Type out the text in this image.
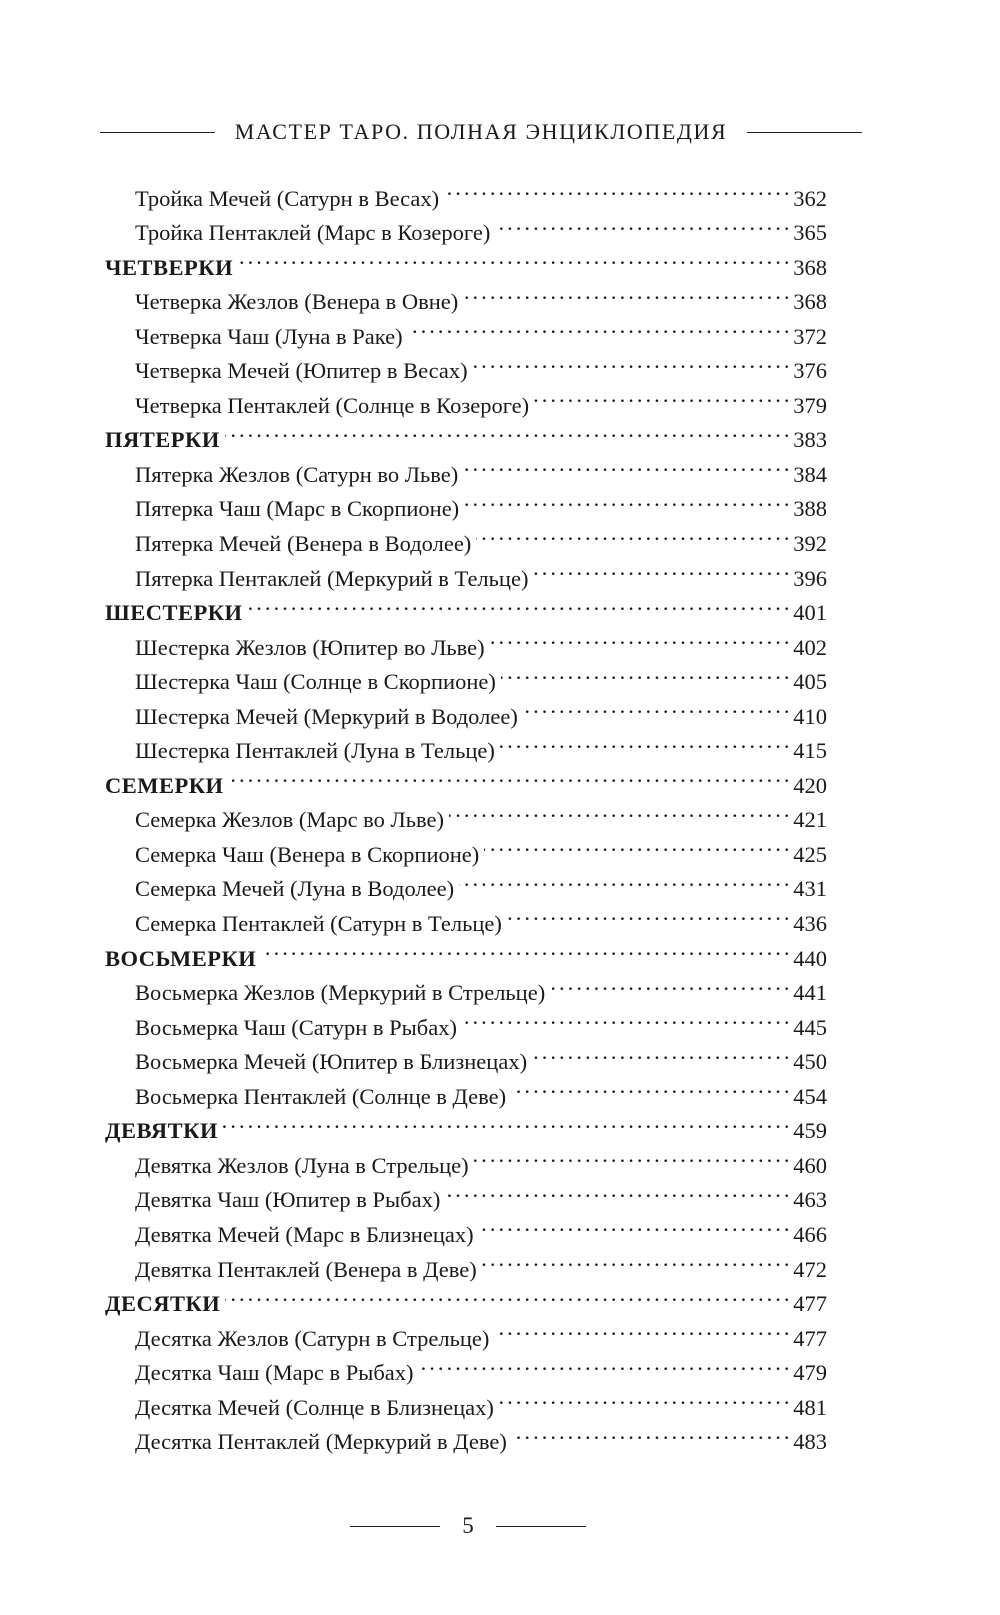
МАСТЕР ТАРО. ПОЛНАЯ ЭНЦИКЛОПЕДИЯ
Тройка Мечей (Сатурн в Весах) . . .	362
Тройка Пентаклей (Марс в Козероге) . . .	365
ЧЕТВЕРКИ . . .	368
Четверка Жезлов (Венера в Овне) . . .	368
Четверка Чаш (Луна в Раке) . . .	372
Четверка Мечей (Юпитер в Весах) . . .	376
Четверка Пентаклей (Солнце в Козероге) . . .	379
ПЯТЕРКИ . . .	383
Пятерка Жезлов (Сатурн во Льве) . . .	384
Пятерка Чаш (Марс в Скорпионе) . . .	388
Пятерка Мечей (Венера в Водолее) . . .	392
Пятерка Пентаклей (Меркурий в Тельце) . . .	396
ШЕСТЕРКИ . . .	401
Шестерка Жезлов (Юпитер во Льве) . . .	402
Шестерка Чаш (Солнце в Скорпионе) . . .	405
Шестерка Мечей (Меркурий в Водолее) . . .	410
Шестерка Пентаклей (Луна в Тельце) . . .	415
СЕМЕРКИ . . .	420
Семерка Жезлов (Марс во Льве) . . .	421
Семерка Чаш (Венера в Скорпионе) . . .	425
Семерка Мечей (Луна в Водолее) . . .	431
Семерка Пентаклей (Сатурн в Тельце) . . .	436
ВОСЬМЕРКИ . . .	440
Восьмерка Жезлов (Меркурий в Стрельце) . . .	441
Восьмерка Чаш (Сатурн в Рыбах) . . .	445
Восьмерка Мечей (Юпитер в Близнецах) . . .	450
Восьмерка Пентаклей (Солнце в Деве) . . .	454
ДЕВЯТКИ . . .	459
Девятка Жезлов (Луна в Стрельце) . . .	460
Девятка Чаш (Юпитер в Рыбах) . . .	463
Девятка Мечей (Марс в Близнецах) . . .	466
Девятка Пентаклей (Венера в Деве) . . .	472
ДЕСЯТКИ . . .	477
Десятка Жезлов (Сатурн в Стрельце) . . .	477
Десятка Чаш (Марс в Рыбах) . . .	479
Десятка Мечей (Солнце в Близнецах) . . .	481
Десятка Пентаклей (Меркурий в Деве) . . .	483
5
